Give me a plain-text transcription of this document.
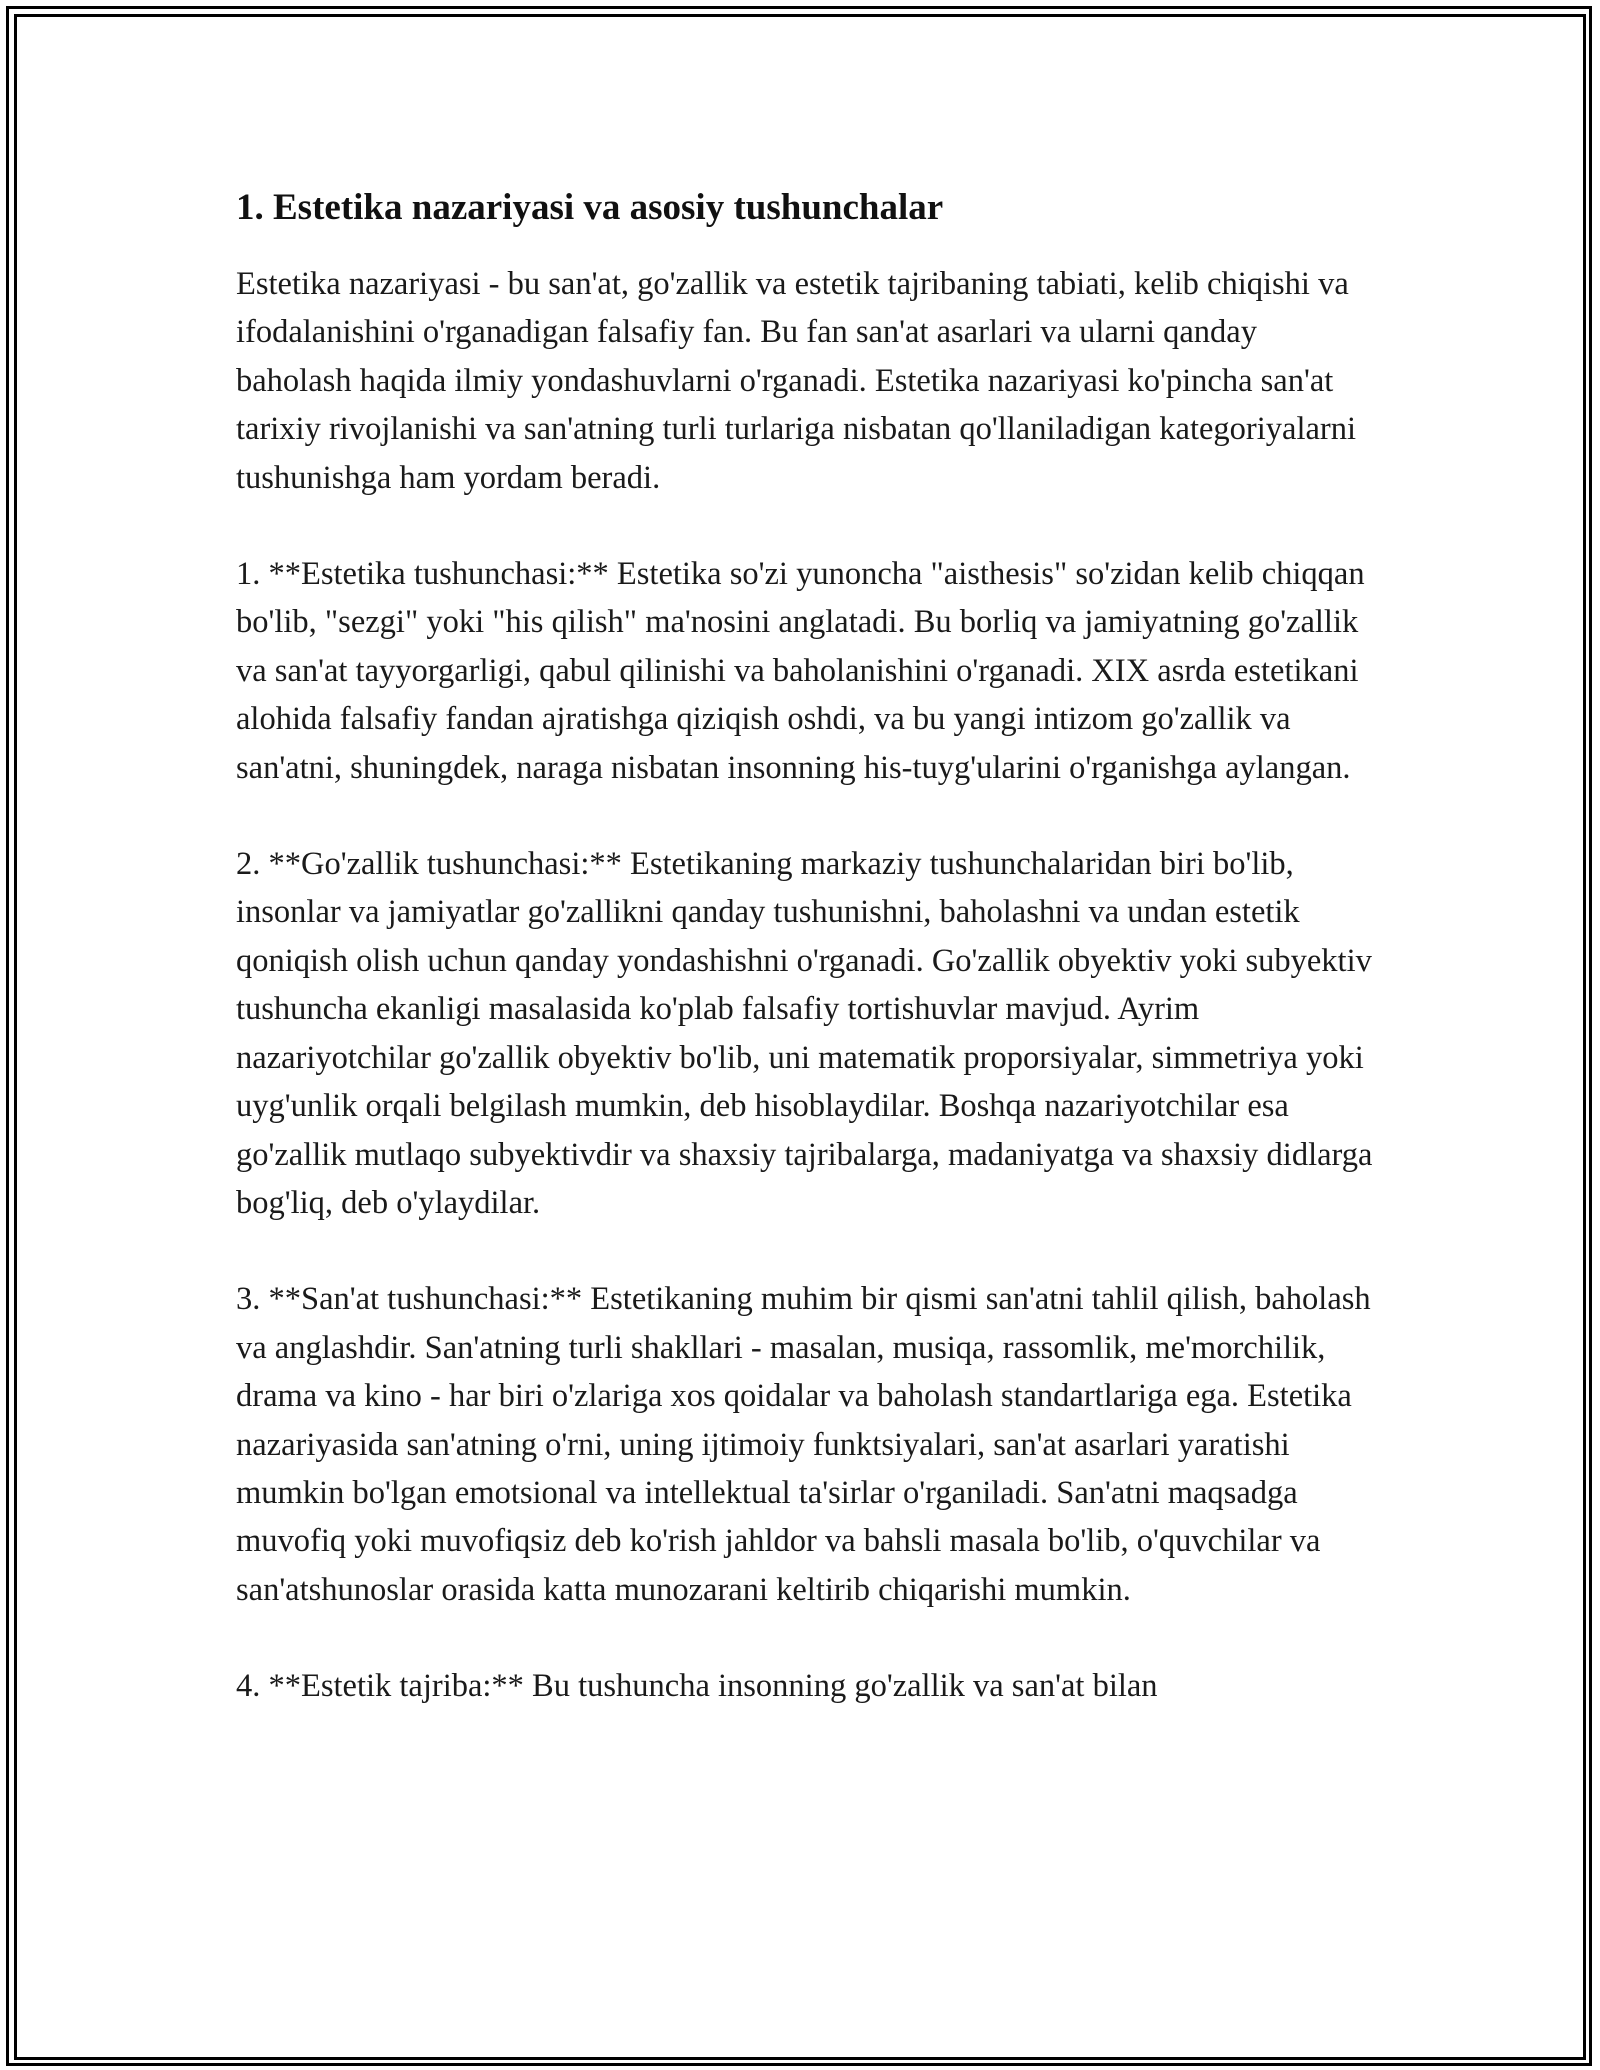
1. Estetika nazariyasi va asosiy tushunchalar

Estetika nazariyasi - bu san'at, go'zallik va estetik tajribaning tabiati, kelib chiqishi va ifodalanishini o'rganadigan falsafiy fan. Bu fan san'at asarlari va ularni qanday baholash haqida ilmiy yondashuvlarni o'rganadi. Estetika nazariyasi ko'pincha san'at tarixiy rivojlanishi va san'atning turli turlariga nisbatan qo'llaniladigan kategoriyalarni tushunishga ham yordam beradi.

1. **Estetika tushunchasi:** Estetika so'zi yunoncha "aisthesis" so'zidan kelib chiqqan bo'lib, "sezgi" yoki "his qilish" ma'nosini anglatadi. Bu borliq va jamiyatning go'zallik va san'at tayyorgarligi, qabul qilinishi va baholanishini o'rganadi. XIX asrda estetikani alohida falsafiy fandan ajratishga qiziqish oshdi, va bu yangi intizom go'zallik va san'atni, shuningdek, naraga nisbatan insonning his-tuyg'ularini o'rganishga aylangan.

2. **Go'zallik tushunchasi:** Estetikaning markaziy tushunchalaridan biri bo'lib, insonlar va jamiyatlar go'zallikni qanday tushunishni, baholashni va undan estetik qoniqish olish uchun qanday yondashishni o'rganadi. Go'zallik obyektiv yoki subyektiv tushuncha ekanligi masalasida ko'plab falsafiy tortishuvlar mavjud. Ayrim nazariyotchilar go'zallik obyektiv bo'lib, uni matematik proporsiyalar, simmetriya yoki uyg'unlik orqali belgilash mumkin, deb hisoblaydilar. Boshqa nazariyotchilar esa go'zallik mutlaqo subyektivdir va shaxsiy tajribalarga, madaniyatga va shaxsiy didlarga bog'liq, deb o'ylaydilar.

3. **San'at tushunchasi:** Estetikaning muhim bir qismi san'atni tahlil qilish, baholash va anglashdir. San'atning turli shakllari - masalan, musiqa, rassomlik, me'morchilik, drama va kino - har biri o'zlariga xos qoidalar va baholash standartlariga ega. Estetika nazariyasida san'atning o'rni, uning ijtimoiy funktsiyalari, san'at asarlari yaratishi mumkin bo'lgan emotsional va intellektual ta'sirlar o'rganiladi. San'atni maqsadga muvofiq yoki muvofiqsiz deb ko'rish jahldor va bahsli masala bo'lib, o'quvchilar va san'atshunoslar orasida katta munozarani keltirib chiqarishi mumkin.

4. **Estetik tajriba:** Bu tushuncha insonning go'zallik va san'at bilan
